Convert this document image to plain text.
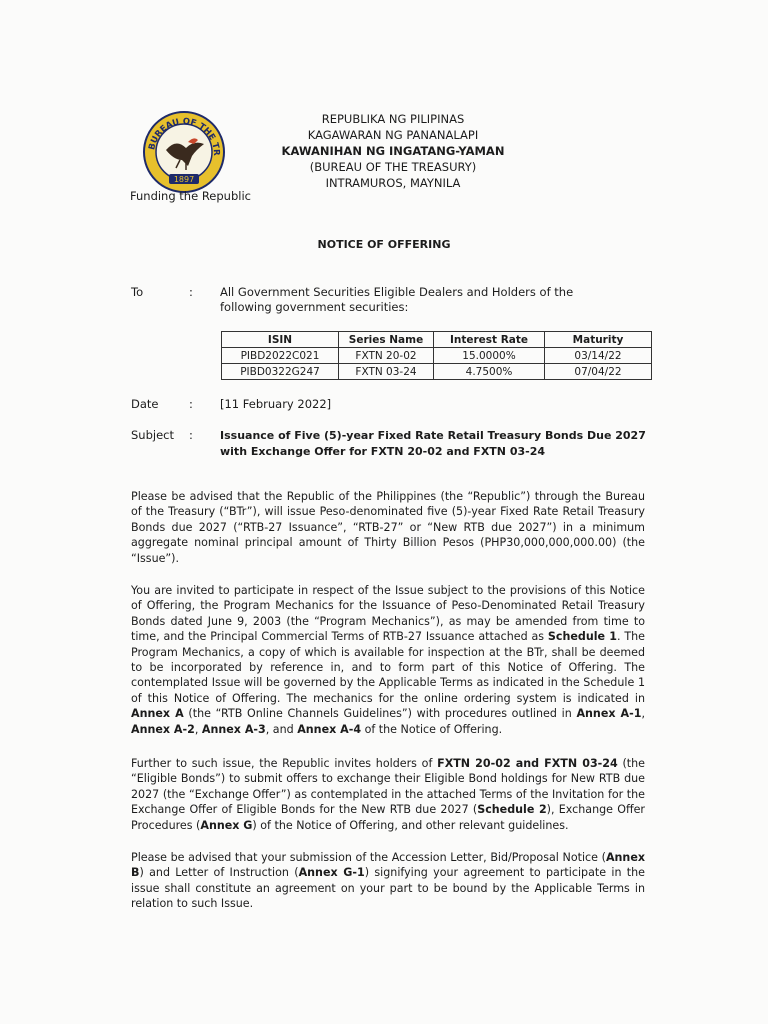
BUREAU OF THE TR
1897
Funding the Republic
REPUBLIKA NG PILIPINAS
KAGAWARAN NG PANANALAPI
KAWANIHAN NG INGATANG-YAMAN
(BUREAU OF THE TREASURY)
INTRAMUROS, MAYNILA
NOTICE OF OFFERING
To	: All Government Securities Eligible Dealers and Holders of the following government securities:
ISIN	Series Name	Interest Rate	Maturity
PIBD2022C021	FXTN 20-02	15.0000%	03/14/22
PIBD0322G247	FXTN 03-24	4.7500%	07/04/22
Date	: [11 February 2022]
Subject : Issuance of Five (5)-year Fixed Rate Retail Treasury Bonds Due 2027 with Exchange Offer for FXTN 20-02 and FXTN 03-24
Please be advised that the Republic of the Philippines (the “Republic”) through the Bureau of the Treasury (“BTr”), will issue Peso-denominated five (5)-year Fixed Rate Retail Treasury Bonds due 2027 (“RTB-27 Issuance”, “RTB-27” or “New RTB due 2027”) in a minimum aggregate nominal principal amount of Thirty Billion Pesos (PHP30,000,000,000.00) (the “Issue”).
You are invited to participate in respect of the Issue subject to the provisions of this Notice of Offering, the Program Mechanics for the Issuance of Peso-Denominated Retail Treasury Bonds dated June 9, 2003 (the “Program Mechanics”), as may be amended from time to time, and the Principal Commercial Terms of RTB-27 Issuance attached as Schedule 1. The Program Mechanics, a copy of which is available for inspection at the BTr, shall be deemed to be incorporated by reference in, and to form part of this Notice of Offering. The contemplated Issue will be governed by the Applicable Terms as indicated in the Schedule 1 of this Notice of Offering. The mechanics for the online ordering system is indicated in Annex A (the “RTB Online Channels Guidelines”) with procedures outlined in Annex A-1, Annex A-2, Annex A-3, and Annex A-4 of the Notice of Offering.
Further to such issue, the Republic invites holders of FXTN 20-02 and FXTN 03-24 (the “Eligible Bonds”) to submit offers to exchange their Eligible Bond holdings for New RTB due 2027 (the “Exchange Offer”) as contemplated in the attached Terms of the Invitation for the Exchange Offer of Eligible Bonds for the New RTB due 2027 (Schedule 2), Exchange Offer Procedures (Annex G) of the Notice of Offering, and other relevant guidelines.
Please be advised that your submission of the Accession Letter, Bid/Proposal Notice (Annex B) and Letter of Instruction (Annex G-1) signifying your agreement to participate in the issue shall constitute an agreement on your part to be bound by the Applicable Terms in relation to such Issue.
